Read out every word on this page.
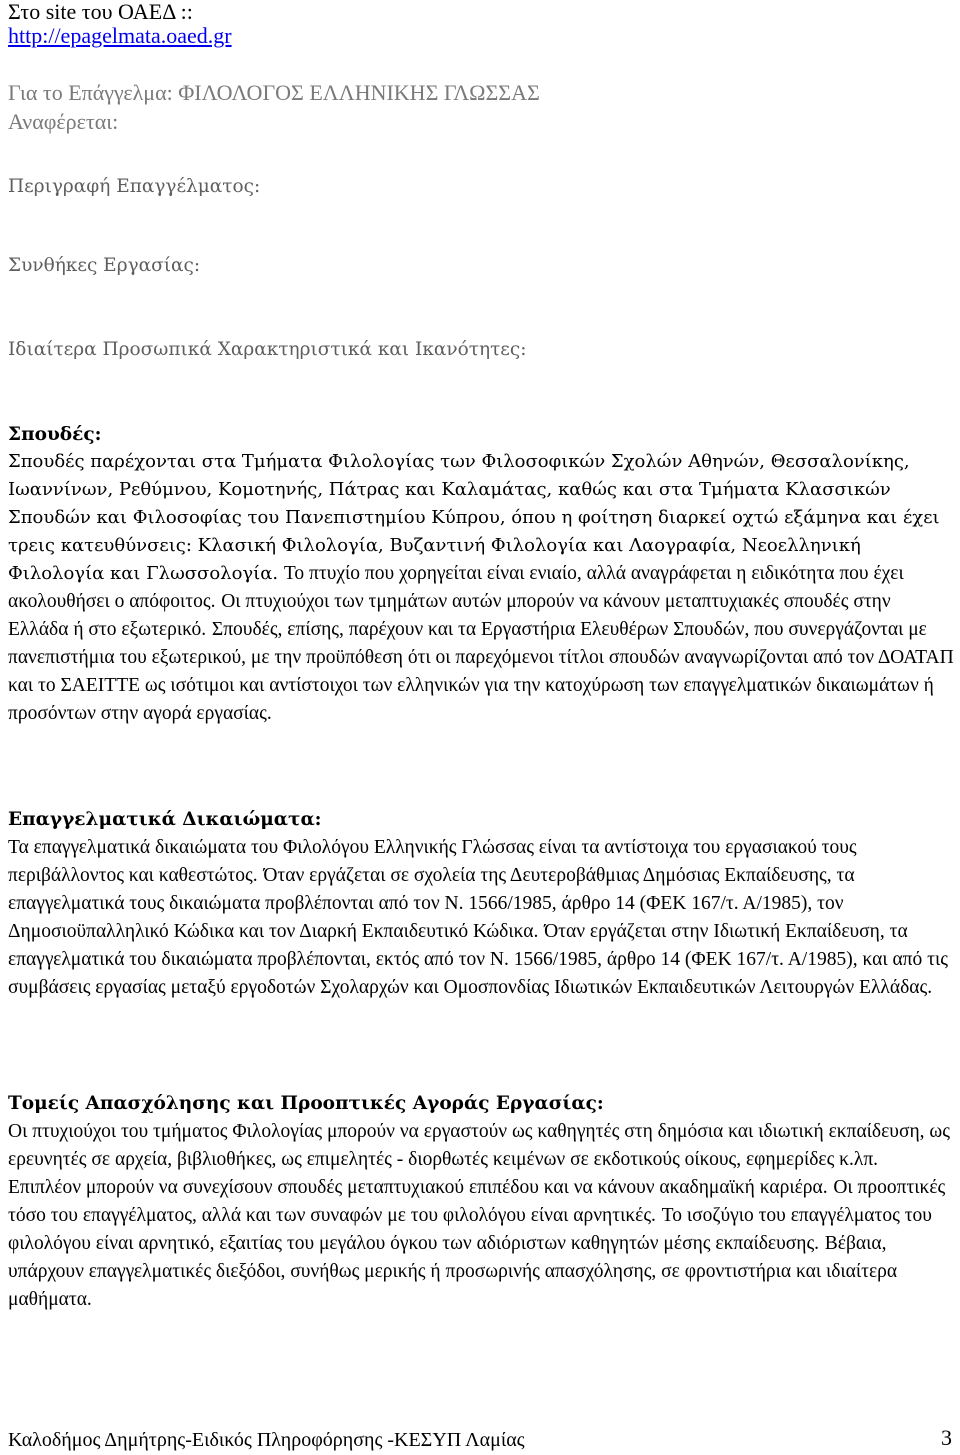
Στο site του ΟΑΕΔ ::

http://epagelmata.oaed.gr

Για το Επάγγελμα: ΦΙΛΟΛΟΓΟΣ ΕΛΛΗΝΙΚΗΣ ΓΛΩΣΣΑΣ

Αναφέρεται:

Περιγραφή Επαγγέλματος:

Συνθήκες Εργασίας:

Ιδιαίτερα Προσωπικά Χαρακτηριστικά και Ικανότητες:

Σπουδές:

Σπουδές παρέχονται στα Τμήματα Φιλολογίας των Φιλοσοφικών Σχολών Αθηνών, Θεσσαλονίκης, Ιωαννίνων, Ρεθύμνου, Κομοτηνής, Πάτρας και Καλαμάτας, καθώς και στα Τμήματα Κλασσικών Σπουδών και Φιλοσοφίας του Πανεπιστημίου Κύπρου, όπου η φοίτηση διαρκεί οχτώ εξάμηνα και έχει τρεις κατευθύνσεις: Κλασική Φιλολογία, Βυζαντινή Φιλολογία και Λαογραφία, Νεοελληνική Φιλολογία και Γλωσσολογία. Το πτυχίο που χορηγείται είναι ενιαίο, αλλά αναγράφεται η ειδικότητα που έχει ακολουθήσει ο απόφοιτος. Οι πτυχιούχοι των τμημάτων αυτών μπορούν να κάνουν μεταπτυχιακές σπουδές στην Ελλάδα ή στο εξωτερικό. Σπουδές, επίσης, παρέχουν και τα Εργαστήρια Ελευθέρων Σπουδών, που συνεργάζονται με πανεπιστήμια του εξωτερικού, με την προϋπόθεση ότι οι παρεχόμενοι τίτλοι σπουδών αναγνωρίζονται από τον ΔΟΑΤΑΠ και το ΣΑΕΙΤΤΕ ως ισότιμοι και αντίστοιχοι των ελληνικών για την κατοχύρωση των επαγγελματικών δικαιωμάτων ή προσόντων στην αγορά εργασίας.

Επαγγελματικά Δικαιώματα:

Τα επαγγελματικά δικαιώματα του Φιλολόγου Ελληνικής Γλώσσας είναι τα αντίστοιχα του εργασιακού τους περιβάλλοντος και καθεστώτος. Όταν εργάζεται σε σχολεία της Δευτεροβάθμιας Δημόσιας Εκπαίδευσης, τα επαγγελματικά τους δικαιώματα προβλέπονται από τον Ν. 1566/1985, άρθρο 14 (ΦΕΚ 167/τ. Α/1985), τον Δημοσιοϋπαλληλικό Κώδικα και τον Διαρκή Εκπαιδευτικό Κώδικα. Όταν εργάζεται στην Ιδιωτική Εκπαίδευση, τα επαγγελματικά του δικαιώματα προβλέπονται, εκτός από τον Ν. 1566/1985, άρθρο 14 (ΦΕΚ 167/τ. Α/1985), και από τις συμβάσεις εργασίας μεταξύ εργοδοτών Σχολαρχών και Ομοσπονδίας Ιδιωτικών Εκπαιδευτικών Λειτουργών Ελλάδας.

Τομείς Απασχόλησης και Προοπτικές Αγοράς Εργασίας:

Οι πτυχιούχοι του τμήματος Φιλολογίας μπορούν να εργαστούν ως καθηγητές στη δημόσια και ιδιωτική εκπαίδευση, ως ερευνητές σε αρχεία, βιβλιοθήκες, ως επιμελητές - διορθωτές κειμένων σε εκδοτικούς οίκους, εφημερίδες κ.λπ. Επιπλέον μπορούν να συνεχίσουν σπουδές μεταπτυχιακού επιπέδου και να κάνουν ακαδημαϊκή καριέρα. Οι προοπτικές τόσο του επαγγέλματος, αλλά και των συναφών με του φιλολόγου είναι αρνητικές. Το ισοζύγιο του επαγγέλματος του φιλολόγου είναι αρνητικό, εξαιτίας του μεγάλου όγκου των αδιόριστων καθηγητών μέσης εκπαίδευσης. Βέβαια, υπάρχουν επαγγελματικές διεξόδοι, συνήθως μερικής ή προσωρινής απασχόλησης, σε φροντιστήρια και ιδιαίτερα μαθήματα.

Καλοδήμος Δημήτρης-Ειδικός Πληροφόρησης -ΚΕΣΥΠ Λαμίας	3
